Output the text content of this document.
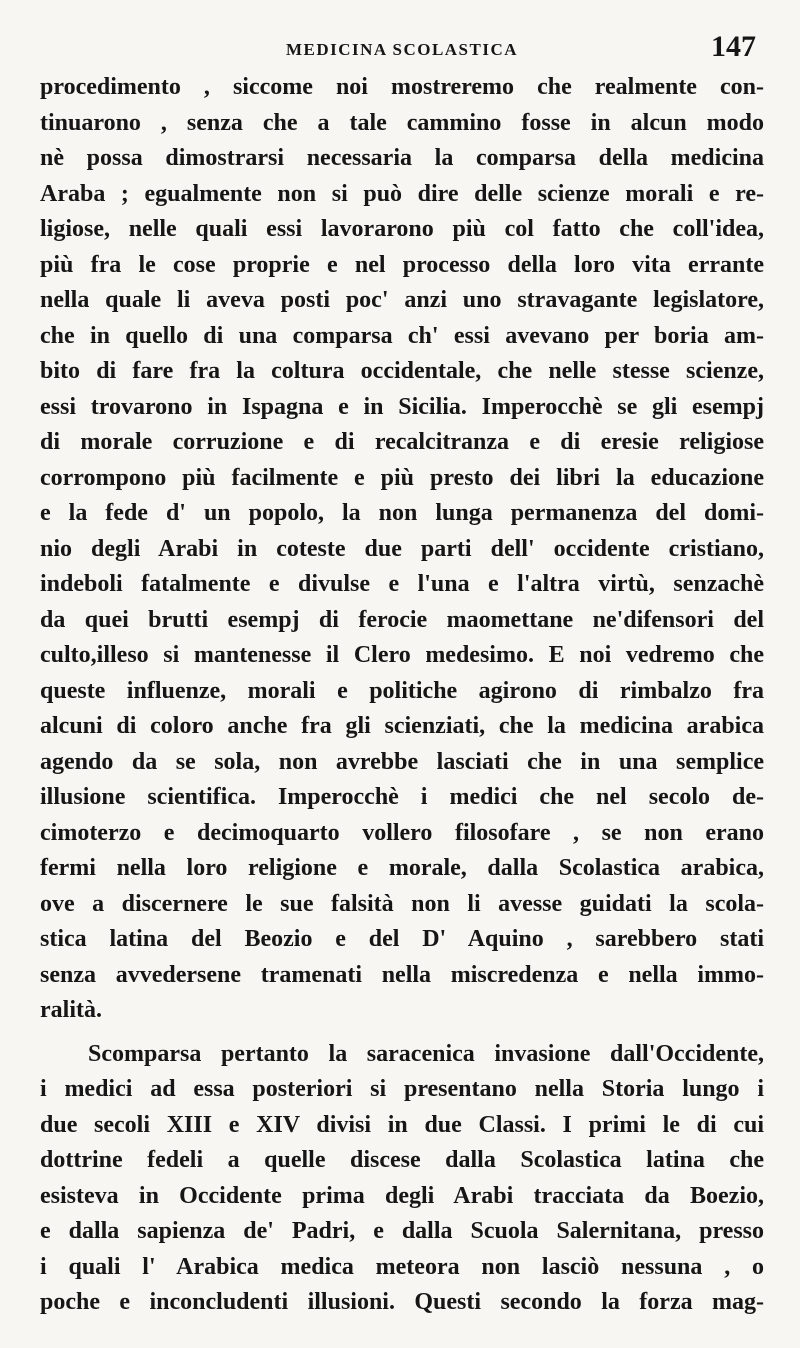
MEDICINA SCOLASTICA	147
procedimento , siccome noi mostreremo che realmente con-
tinuarono , senza che a tale cammino fosse in alcun modo
nè possa dimostrarsi necessaria la comparsa della medicina
Araba ; egualmente non si può dire delle scienze morali e re-
ligiose, nelle quali essi lavorarono più col fatto che coll'idea,
più fra le cose proprie e nel processo della loro vita errante
nella quale li aveva posti poc' anzi uno stravagante legislatore,
che in quello di una comparsa ch' essi avevano per boria am-
bito di fare fra la coltura occidentale, che nelle stesse scienze,
essi trovarono in Ispagna e in Sicilia. Imperocchè se gli esempj
di morale corruzione e di recalcitranza e di eresie religiose
corrompono più facilmente e più presto dei libri la educazione
e la fede d' un popolo, la non lunga permanenza del domi-
nio degli Arabi in coteste due parti dell' occidente cristiano,
indeboli fatalmente e divulse e l'una e l'altra virtù, senzachè
da quei brutti esempj di ferocie maomettane ne'difensori del
culto,illeso si mantenesse il Clero medesimo. E noi vedremo che
queste influenze, morali e politiche agirono di rimbalzo fra
alcuni di coloro anche fra gli scienziati, che la medicina arabica
agendo da se sola, non avrebbe lasciati che in una semplice
illusione scientifica. Imperocchè i medici che nel secolo de-
cimoterzo e decimoquarto vollero filosofare , se non erano
fermi nella loro religione e morale, dalla Scolastica arabica,
ove a discernere le sue falsità non li avesse guidati la scola-
stica latina del Beozio e del D' Aquino , sarebbero stati
senza avvedersene tramenati nella miscredenza e nella immo-
ralità.
Scomparsa pertanto la saracenica invasione dall'Occidente,
i medici ad essa posteriori si presentano nella Storia lungo i
due secoli XIII e XIV divisi in due Classi. I primi le di cui
dottrine fedeli a quelle discese dalla Scolastica latina che
esisteva in Occidente prima degli Arabi tracciata da Boezio,
e dalla sapienza de' Padri, e dalla Scuola Salernitana, presso
i quali l' Arabica medica meteora non lasciò nessuna , o
poche e inconcludenti illusioni. Questi secondo la forza mag-
